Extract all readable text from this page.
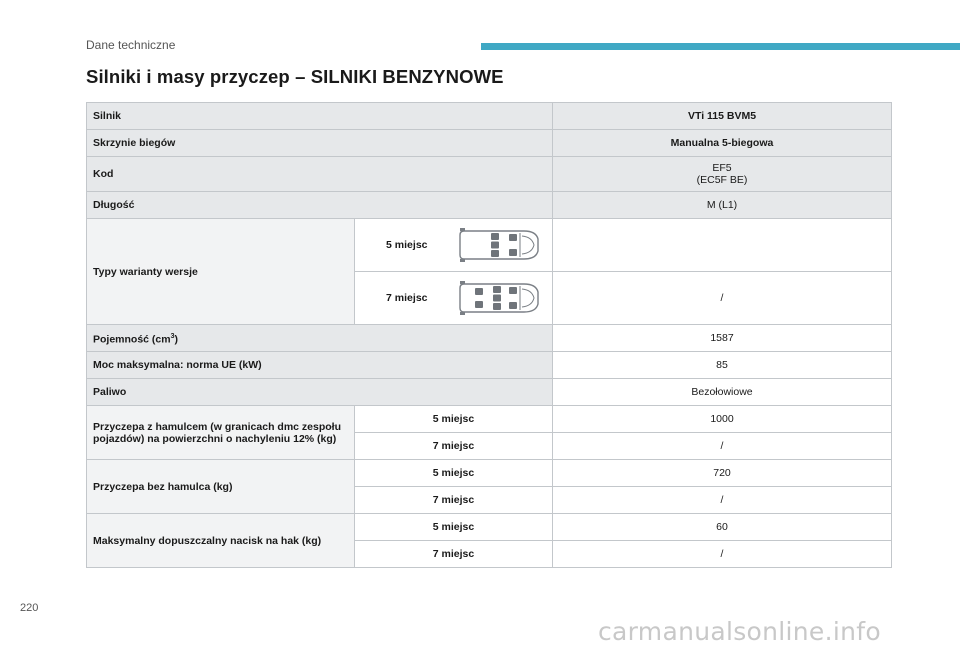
Dane techniczne
Silniki i masy przyczep – SILNIKI BENZYNOWE
Silnik		VTi 115 BVM5
Skrzynie biegów		Manualna 5-biegowa
Kod		EF5
(EC5F BE)

Długość		M (L1)
Typy warianty wersje	5 miejsc	

	7 miejsc	/
Pojemność $(cm^3)$		1587
Moc maksymalna: norma UE (kW)		85
Paliwo		Bezołowiowe
Przyczepa z hamulcem (w granicach dmc zespołu pojazdów) na powierzchni o nachyleniu 12% (kg)	5 miejsc	1000
	7 miejsc	/
Przyczepa bez hamulca (kg)	5 miejsc	720
	7 miejsc	/
Maksymalny dopuszczalny nacisk na hak (kg)	5 miejsc	60
	7 miejsc	/
220
carmanualsonline.info
